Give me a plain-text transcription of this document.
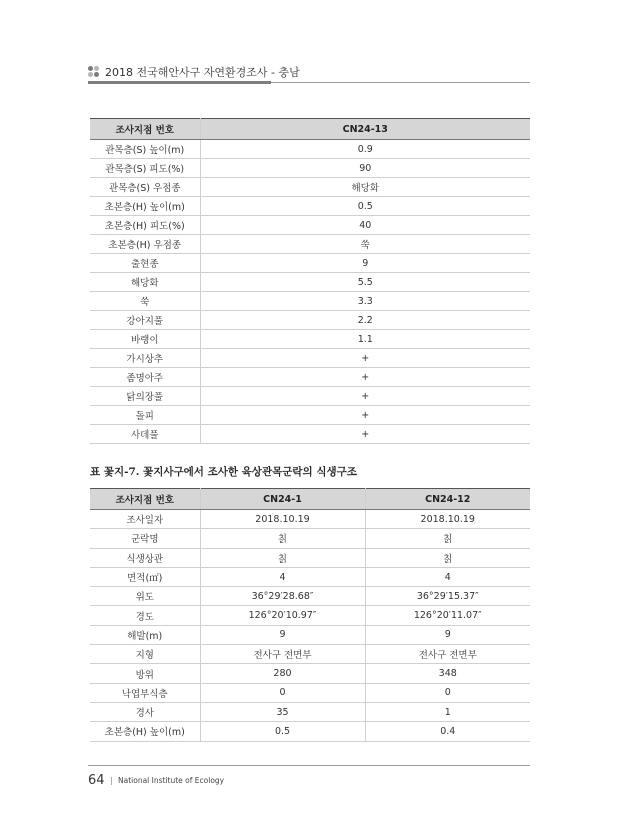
2018 전국해안사구 자연환경조사 - 충남
조사지점 번호	CN24-13
관목층(S) 높이(m)	0.9
관목층(S) 피도(%)	90
관목층(S) 우점종	해당화
초본층(H) 높이(m)	0.5
초본층(H) 피도(%)	40
초본층(H) 우점종	쑥
출현종	9
해당화	5.5
쑥	3.3
강아지풀	2.2
바랭이	1.1
가시상추	+
좀명아주	+
닭의장풀	+
돌피	+
사데풀	+
표 꽃지-7. 꽃지사구에서 조사한 육상관목군락의 식생구조
조사지점 번호	CN24-1	CN24-12
조사일자	2018.10.19	2018.10.19
군락명	칡	칡
식생상관	칡	칡
면적(㎡)	4	4
위도	36°29′28.68″	36°29′15.37″
경도	126°20′10.97″	126°20′11.07″
해발(m)	9	9
지형	전사구 전면부	전사구 전면부
방위	280	348
낙엽부식층	0	0
경사	35	1
초본층(H) 높이(m)	0.5	0.4
64 | National Institute of Ecology
